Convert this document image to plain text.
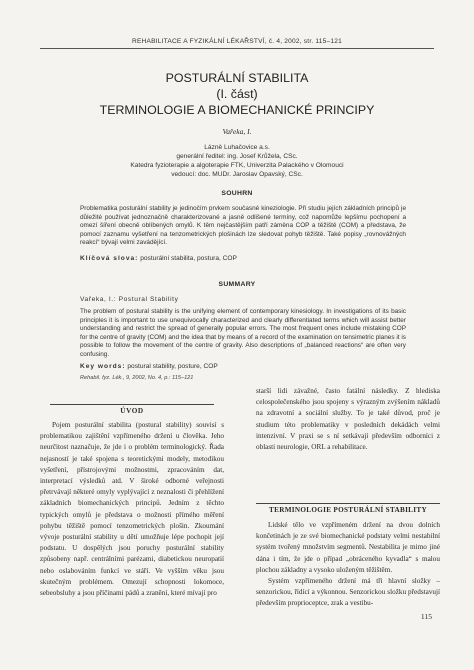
REHABILITACE A FYZIKÁLNÍ LÉKAŘSTVÍ, č. 4, 2002, str. 115–121
POSTURÁLNÍ STABILITA
(I. část)
TERMINOLOGIE A BIOMECHANICKÉ PRINCIPY
Vařeka, I.
Lázně Luhačovice a.s.
generální ředitel: ing. Josef Krůžela, CSc.
Katedra fyzioterapie a algoterapie FTK, Univerzita Palackého v Olomouci
vedoucí: doc. MUDr. Jaroslav Opavský, CSc.
SOUHRN
Problematika posturální stability je jedinočím prvkem současné kineziologie. Při studiu jejích základních principů je důležité používat jednoznačně charakterizované a jasně odlišené termíny, což napomůže lepšímu pochopení a omezí šíření obecně oblíbených omylů. K těm nejčastějším patří záměna COP a těžiště (COM) a představa, že pomocí zaznamu vyšetření na tenzometrických plošinách lze sledovat pohyb těžiště. Také popisy „rovnovážných reakcí“ bývají velmi zavádějící.
Klíčová slova: posturální stabilita, postura, COP
SUMMARY
Vařeka, I.: Postural Stability
The problem of postural stability is the unifying element of contemporary kinesiology. In investigations of its basic principles it is important to use unequivocally characterized and clearly differentiated terms which will assist better understanding and restrict the spread of generally popular errors. The most frequent ones include mistaking COP for the centre of gravity (COM) and the idea that by means of a record of the examination on tensimetric planes it is possible to follow the movement of the centre of gravity. Also descriptions of „balanced reactions“ are often very confusing.
Key words: postural stability, posture, COP
Rehabil. fyz. Lék., 9, 2002, No. 4, p.: 115–121
ÚVOD

Pojem posturální stabilita (postural stability) souvisí s problematikou zajištění vzpřímeného držení u člověka. Jeho neurčitost naznačuje, že jde i o problém terminologický. Řada nejasností je také spojena s teoretickými modely, metodikou vyšetření, přístrojovými možnostmi, zpracováním dat, interpretací výsledků atd. V široké odborné veřejnosti přetrvávají některé omyly vyplývající z neznalosti či přehlížení základních biomechanických principů. Jedním z těchto typických omylů je představa o možnosti přímého měření pohybu těžiště pomocí tenzometrických plošin. Zkoumání vývoje posturální stability u dětí umožňuje lépe pochopit její podstatu. U dospělých jsou poruchy posturální stability způsobeny např. centrálními parézami, diabetickou neuropatií nebo oslabováním funkcí ve stáří. Ve vyšším věku jsou skutečným problémem. Omezují schopnosti lokomoce, sebeobsluhy a jsou příčinami pádů a zranění, které mívají pro

starší lidi závažné, často fatální následky. Z hlediska celospolečenského jsou spojeny s výrazným zvýšením nákladů na zdravotní a sociální služby. To je také důvod, proč je studium této problematiky v posledních dekádách velmi intenzivní. V praxi se s ní setkávají především odborníci z oblasti neurologie, ORL a rehabilitace.

TERMINOLOGIE POSTURÁLNÍ STABILITY

Lidské tělo ve vzpřímeném držení na dvou dolních končetinách je ze své biomechanické podstaty velmi nestabilní systém tvořený množstvím segmentů. Nestabilita je mimo jiné dána i tím, že jde o případ „obráceného kyvadla“ s malou plochou základny a vysoko uloženým těžištěm.

Systém vzpřímeného držení má tři hlavní složky – senzorickou, řídící a výkonnou. Senzorickou složku představují především proprioceptce, zrak a vestibu-

115
